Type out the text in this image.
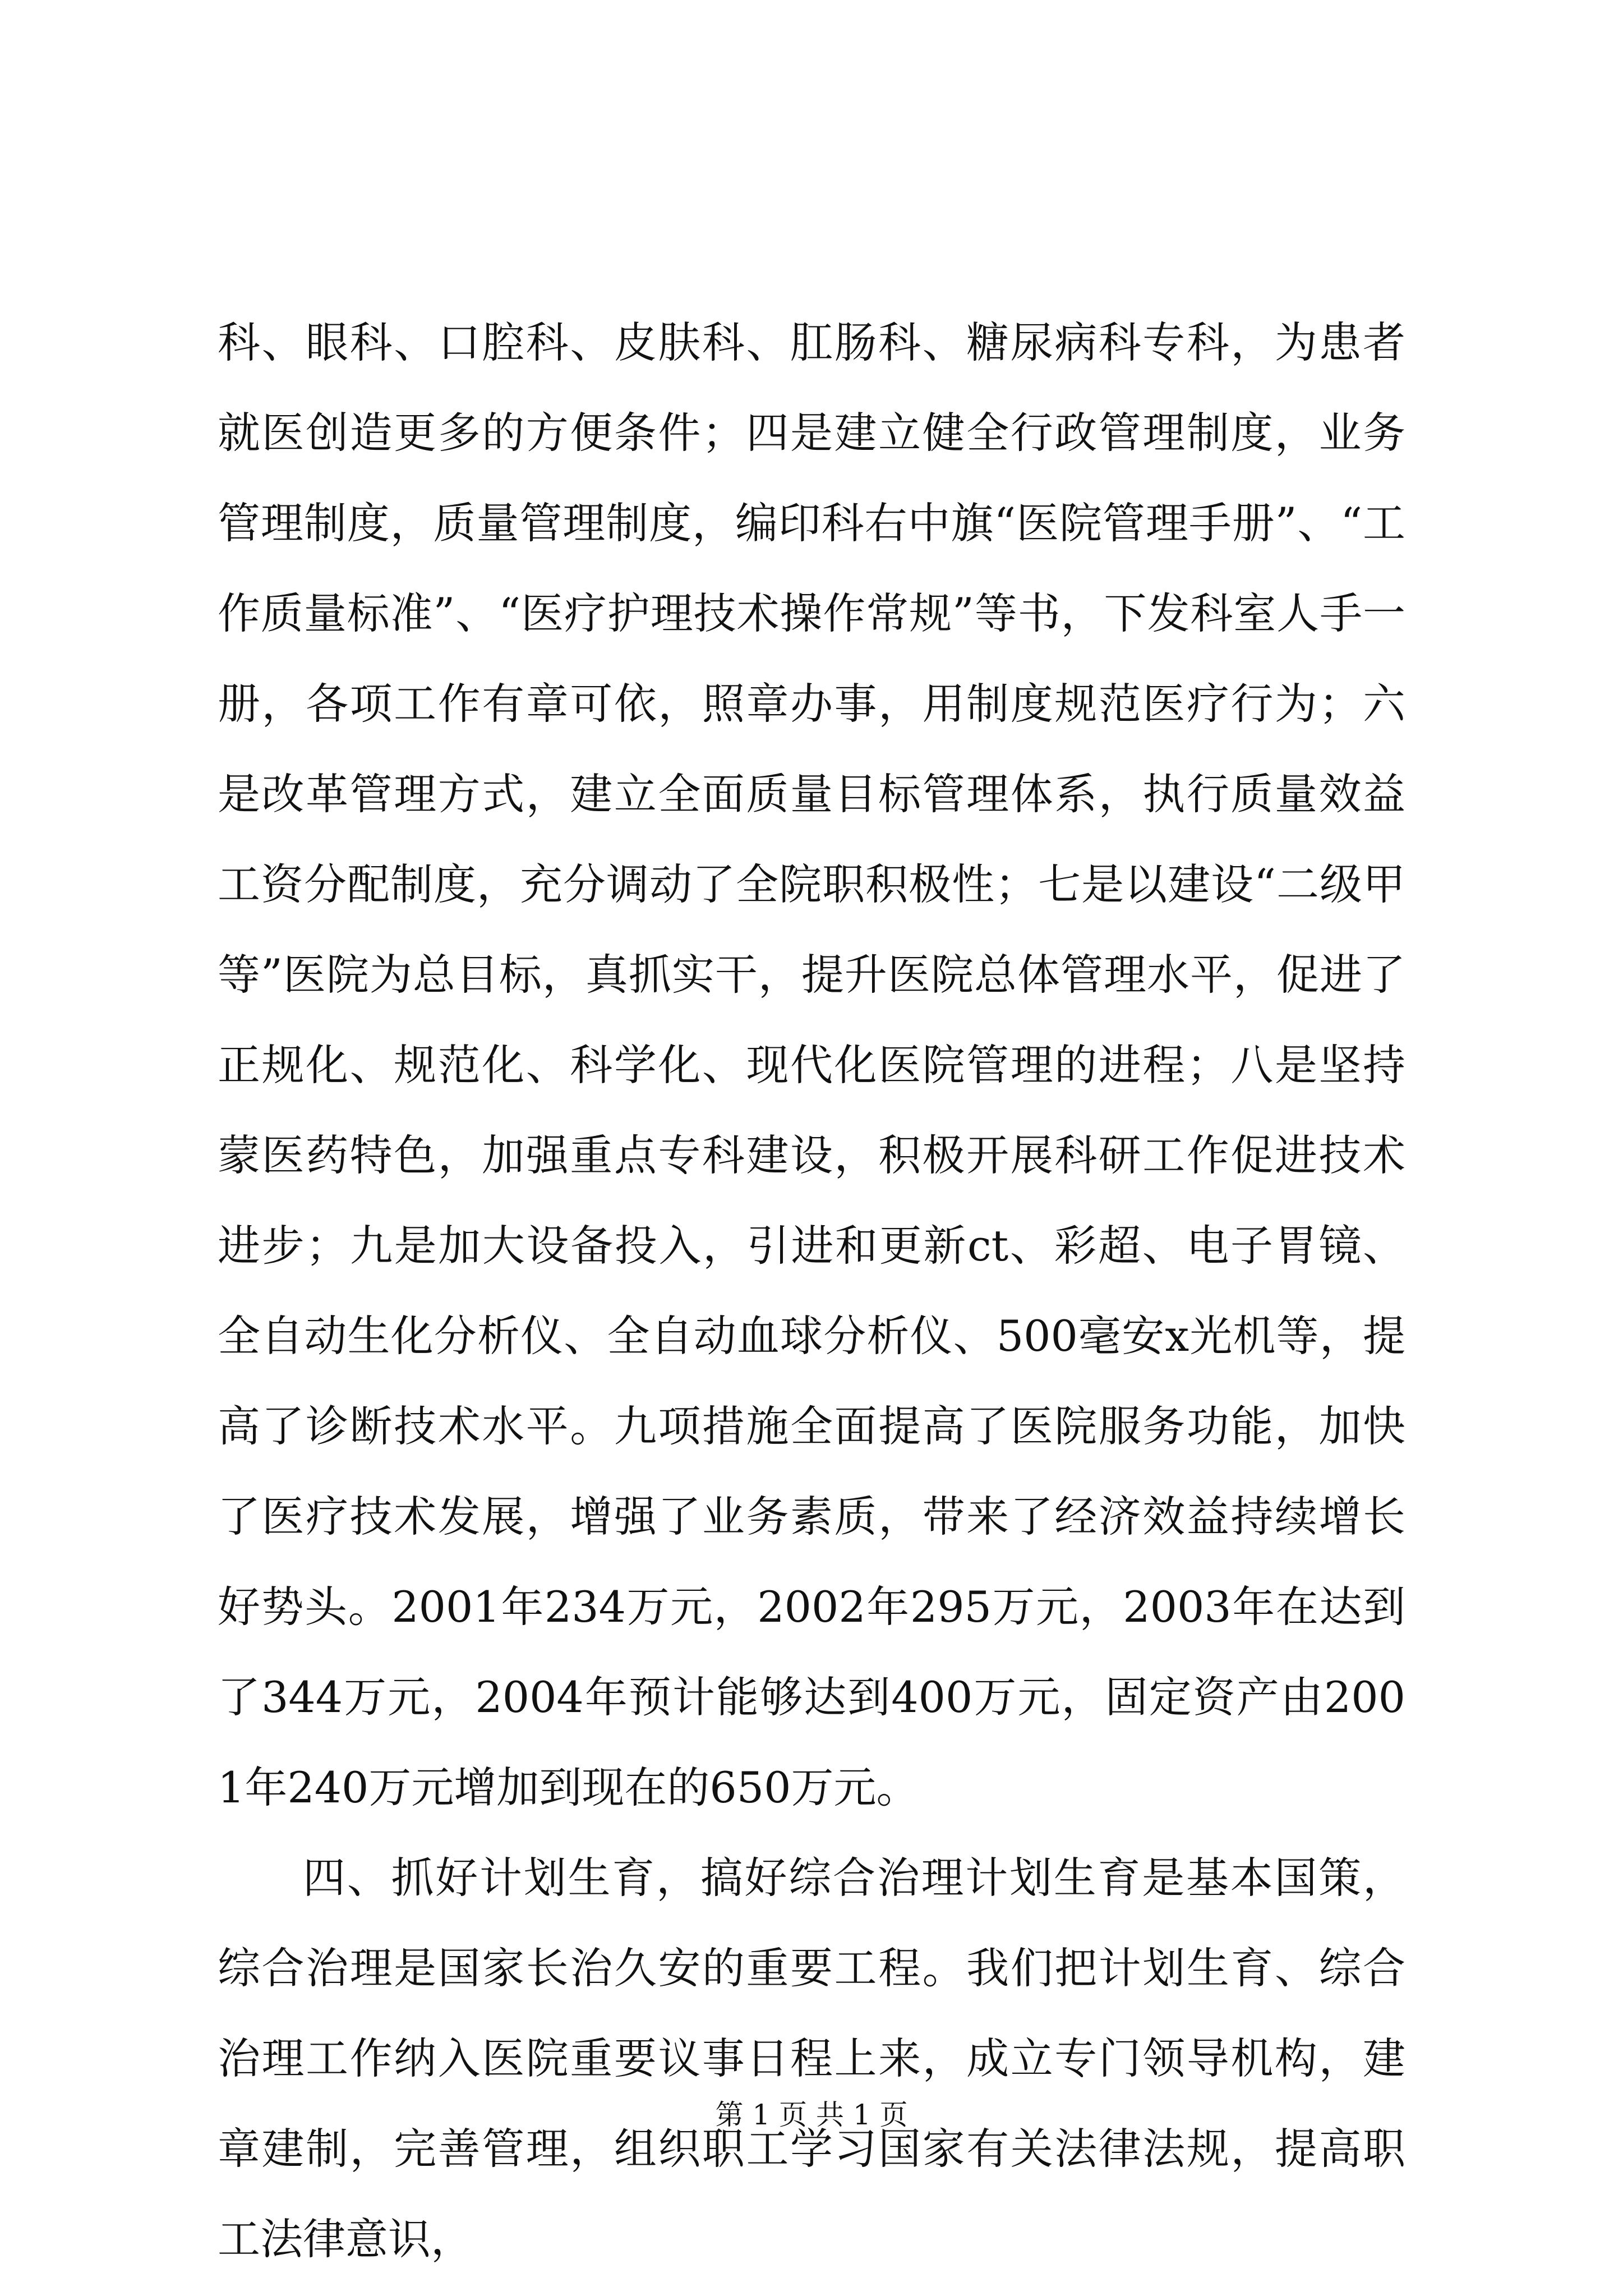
科、眼科、口腔科、皮肤科、肛肠科、糖尿病科专科，为患者就医创造更多的方便条件；四是建立健全行政管理制度，业务管理制度，质量管理制度，编印科右中旗“医院管理手册”、“工作质量标准”、“医疗护理技术操作常规”等书，下发科室人手一册，各项工作有章可依，照章办事，用制度规范医疗行为；六是改革管理方式，建立全面质量目标管理体系，执行质量效益工资分配制度，充分调动了全院职积极性；七是以建设“二级甲等”医院为总目标，真抓实干，提升医院总体管理水平，促进了正规化、规范化、科学化、现代化医院管理的进程；八是坚持蒙医药特色，加强重点专科建设，积极开展科研工作促进技术进步；九是加大设备投入，引进和更新ct、彩超、电子胃镜、全自动生化分析仪、全自动血球分析仪、500毫安x光机等，提高了诊断技术水平。九项措施全面提高了医院服务功能，加快了医疗技术发展，增强了业务素质，带来了经济效益持续增长好势头。2001年234万元，2002年295万元，2003年在达到了344万元，2004年预计能够达到400万元，固定资产由2001年240万元增加到现在的650万元。

四、抓好计划生育，搞好综合治理计划生育是基本国策，综合治理是国家长治久安的重要工程。我们把计划生育、综合治理工作纳入医院重要议事日程上来，成立专门领导机构，建章建制，完善管理，组织职工学习国家有关法律法规，提高职工法律意识，

第 1 页 共 1 页
